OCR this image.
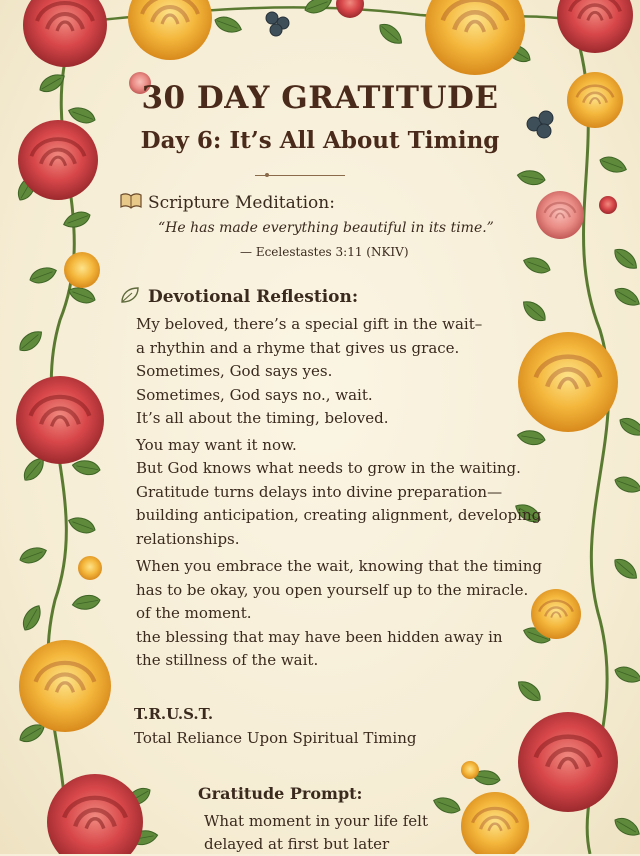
30 DAY GRATITUDE
Day 6: It’s All About Timing
Scripture Meditation:
“He has made everything beautiful in its time.”
— Ecelestastes 3:11 (NKIV)
Devotional Reflestion:
My beloved, there’s a special gift in the wait–
a rhythin and a rhyme that gives us grace.
Sometimes, God says yes.
Sometimes, God says no., wait.
It’s all about the timing, beloved.
You may want it now.
But God knows what needs to grow in the waiting.
Gratitude turns delays into divine preparation—
building anticipation, creating alignment, developing
relationships.
When you embrace the wait, knowing that the timing
has to be okay, you open yourself up to the miracle.
of the moment.
the blessing that may have been hidden away in
the stillness of the wait.
T.R.U.S.T.
Total Reliance Upon Spiritual Timing
Gratitude Prompt:
What moment in your life felt
delayed at first but later
